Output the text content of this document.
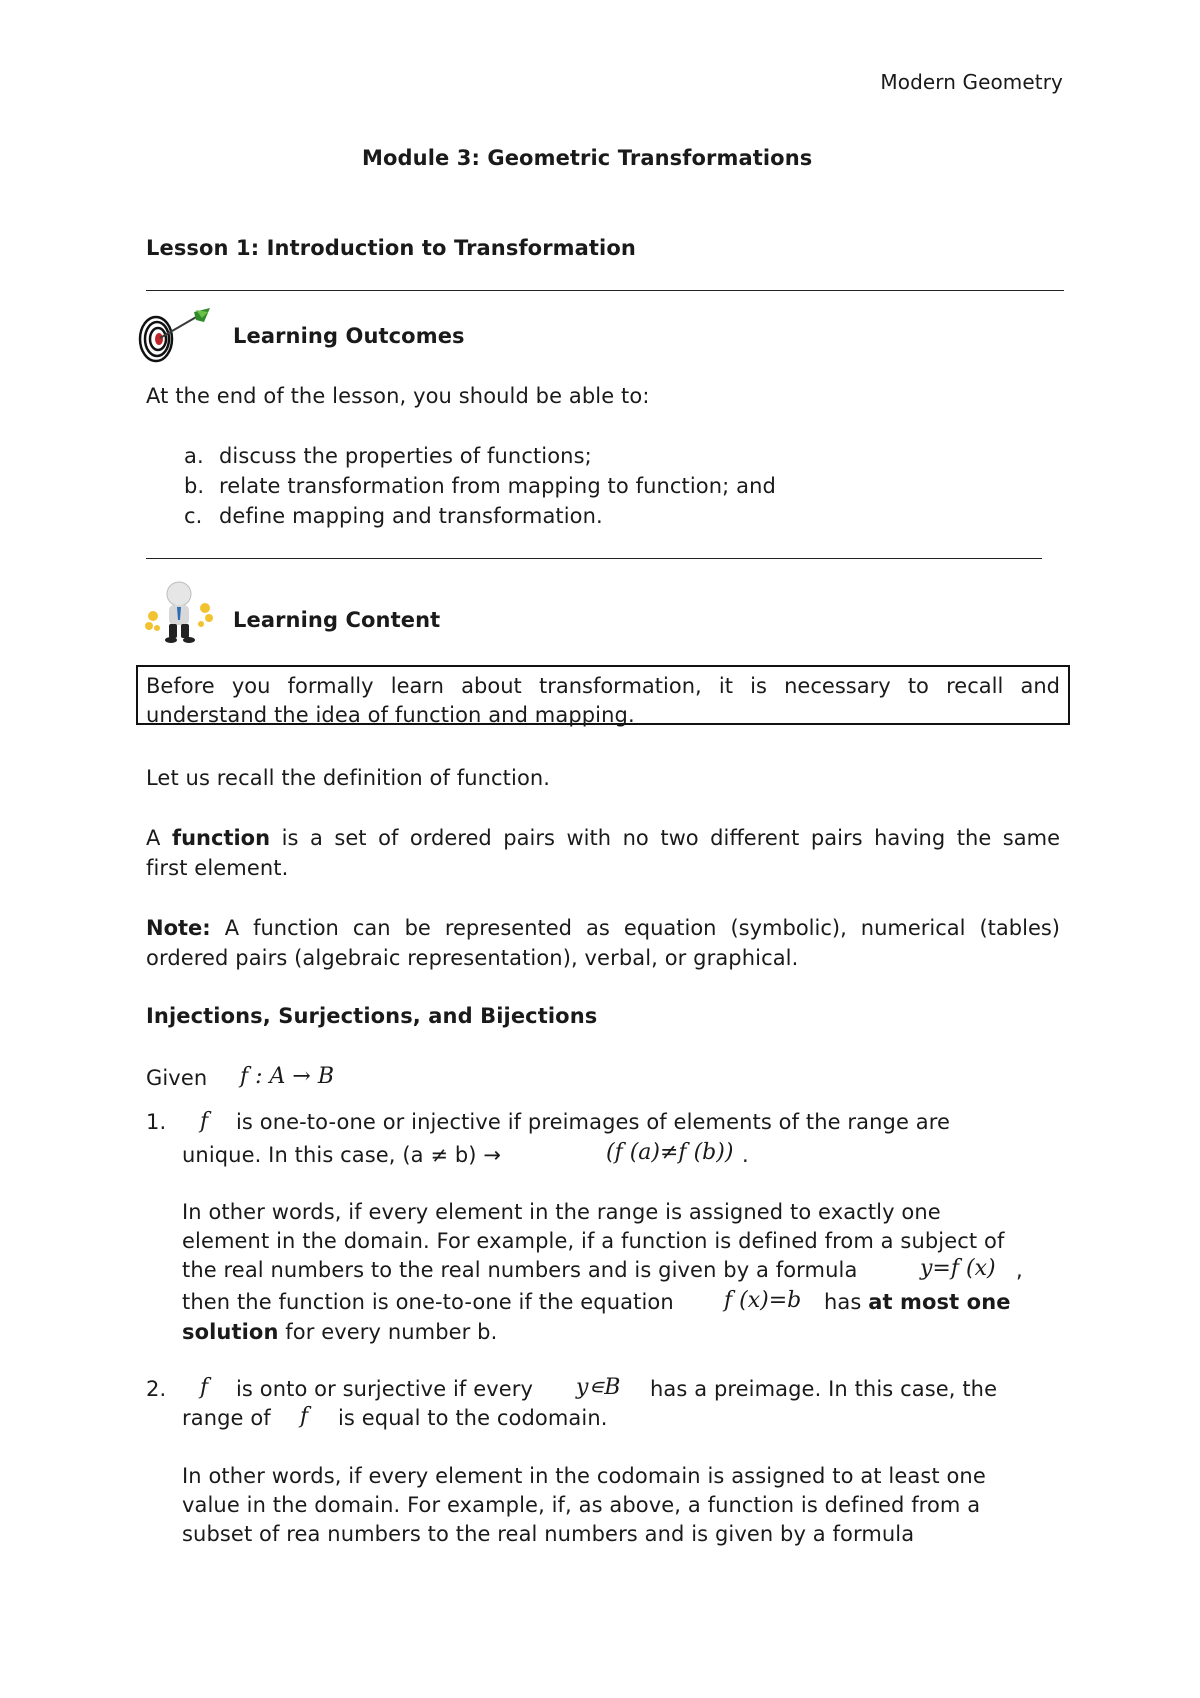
Modern Geometry
Module 3: Geometric Transformations
Lesson 1: Introduction to Transformation
Learning Outcomes
At the end of the lesson, you should be able to:
a. discuss the properties of functions;
b. relate transformation from mapping to function; and
c. define mapping and transformation.
Learning Content
Before you formally learn about transformation, it is necessary to recall and
understand the idea of function and mapping.
Let us recall the definition of function.
A function is a set of ordered pairs with no two different pairs having the same
first element.
Note: A function can be represented as equation (symbolic), numerical (tables)
ordered pairs (algebraic representation), verbal, or graphical.
Injections, Surjections, and Bijections
Given f : A → B
1. f is one-to-one or injective if preimages of elements of the range are
unique. In this case, (a ≠ b) →	(f (a)≠f (b)) .
In other words, if every element in the range is assigned to exactly one
element in the domain. For example, if a function is defined from a subject of
the real numbers to the real numbers and is given by a formula	y=f (x) ,
then the function is one-to-one if the equation f (x)=b has at most one
solution for every number b.
2. f is onto or surjective if every y∊B has a preimage. In this case, the
range of f is equal to the codomain.
In other words, if every element in the codomain is assigned to at least one
value in the domain. For example, if, as above, a function is defined from a
subset of rea numbers to the real numbers and is given by a formula
